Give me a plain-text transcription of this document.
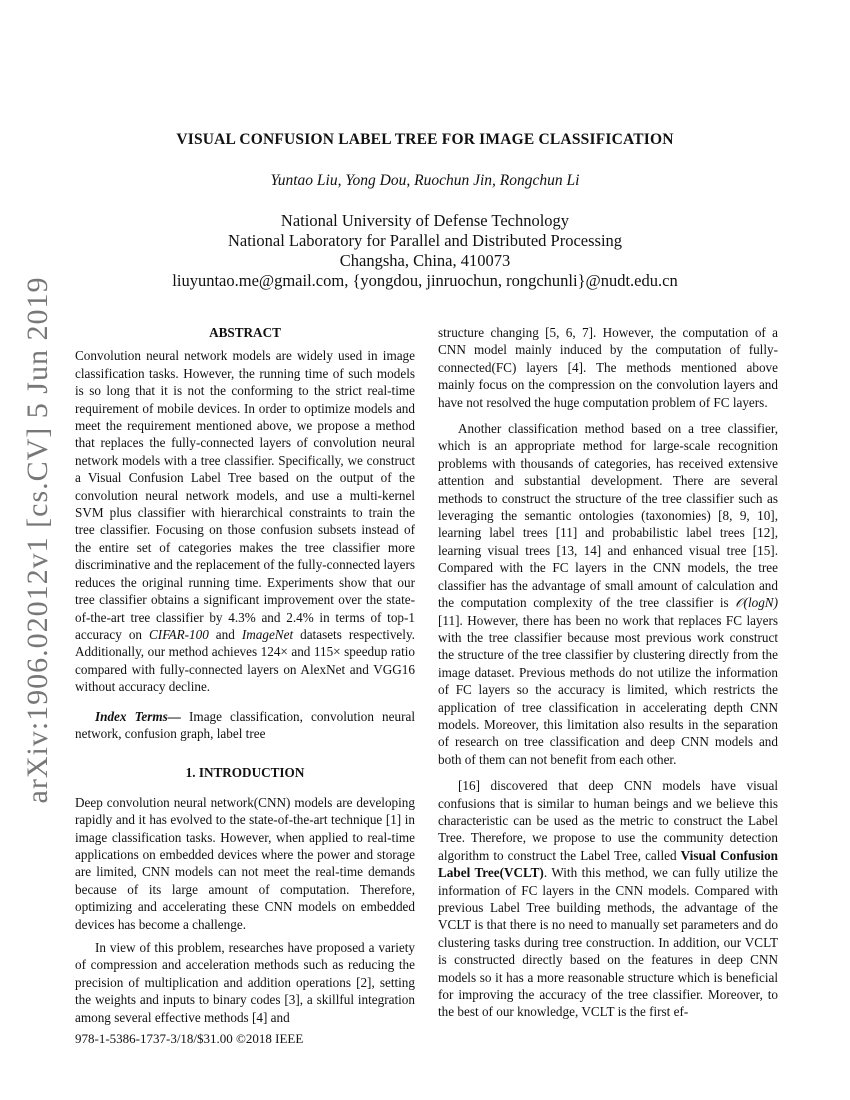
arXiv:1906.02012v1 [cs.CV] 5 Jun 2019
VISUAL CONFUSION LABEL TREE FOR IMAGE CLASSIFICATION
Yuntao Liu, Yong Dou, Ruochun Jin, Rongchun Li
National University of Defense Technology
National Laboratory for Parallel and Distributed Processing
Changsha, China, 410073
liuyuntao.me@gmail.com, {yongdou, jinruochun, rongchunli}@nudt.edu.cn
ABSTRACT

Convolution neural network models are widely used in image classification tasks. However, the running time of such models is so long that it is not the conforming to the strict real-time requirement of mobile devices. In order to optimize models and meet the requirement mentioned above, we propose a method that replaces the fully-connected layers of convolution neural network models with a tree classifier. Specifically, we construct a Visual Confusion Label Tree based on the output of the convolution neural network models, and use a multi-kernel SVM plus classifier with hierarchical constraints to train the tree classifier. Focusing on those confusion subsets instead of the entire set of categories makes the tree classifier more discriminative and the replacement of the fully-connected layers reduces the original running time. Experiments show that our tree classifier obtains a significant improvement over the state-of-the-art tree classifier by 4.3% and 2.4% in terms of top-1 accuracy on CIFAR-100 and ImageNet datasets respectively. Additionally, our method achieves 124× and 115× speedup ratio compared with fully-connected layers on AlexNet and VGG16 without accuracy decline.

Index Terms— Image classification, convolution neural network, confusion graph, label tree

1. INTRODUCTION

Deep convolution neural network(CNN) models are developing rapidly and it has evolved to the state-of-the-art technique [1] in image classification tasks. However, when applied to real-time applications on embedded devices where the power and storage are limited, CNN models can not meet the real-time demands because of its large amount of computation. Therefore, optimizing and accelerating these CNN models on embedded devices has become a challenge.

In view of this problem, researches have proposed a variety of compression and acceleration methods such as reducing the precision of multiplication and addition operations [2], setting the weights and inputs to binary codes [3], a skillful integration among several effective methods [4] and

structure changing [5, 6, 7]. However, the computation of a CNN model mainly induced by the computation of fully-connected(FC) layers [4]. The methods mentioned above mainly focus on the compression on the convolution layers and have not resolved the huge computation problem of FC layers.

Another classification method based on a tree classifier, which is an appropriate method for large-scale recognition problems with thousands of categories, has received extensive attention and substantial development. There are several methods to construct the structure of the tree classifier such as leveraging the semantic ontologies (taxonomies) [8, 9, 10], learning label trees [11] and probabilistic label trees [12], learning visual trees [13, 14] and enhanced visual tree [15]. Compared with the FC layers in the CNN models, the tree classifier has the advantage of small amount of calculation and the computation complexity of the tree classifier is 𝒪(logN) [11]. However, there has been no work that replaces FC layers with the tree classifier because most previous work construct the structure of the tree classifier by clustering directly from the image dataset. Previous methods do not utilize the information of FC layers so the accuracy is limited, which restricts the application of tree classification in accelerating depth CNN models. Moreover, this limitation also results in the separation of research on tree classification and deep CNN models and both of them can not benefit from each other.

[16] discovered that deep CNN models have visual confusions that is similar to human beings and we believe this characteristic can be used as the metric to construct the Label Tree. Therefore, we propose to use the community detection algorithm to construct the Label Tree, called Visual Confusion Label Tree(VCLT). With this method, we can fully utilize the information of FC layers in the CNN models. Compared with previous Label Tree building methods, the advantage of the VCLT is that there is no need to manually set parameters and do clustering tasks during tree construction. In addition, our VCLT is constructed directly based on the features in deep CNN models so it has a more reasonable structure which is beneficial for improving the accuracy of the tree classifier. Moreover, to the best of our knowledge, VCLT is the first ef-

978-1-5386-1737-3/18/$31.00 ©2018 IEEE
